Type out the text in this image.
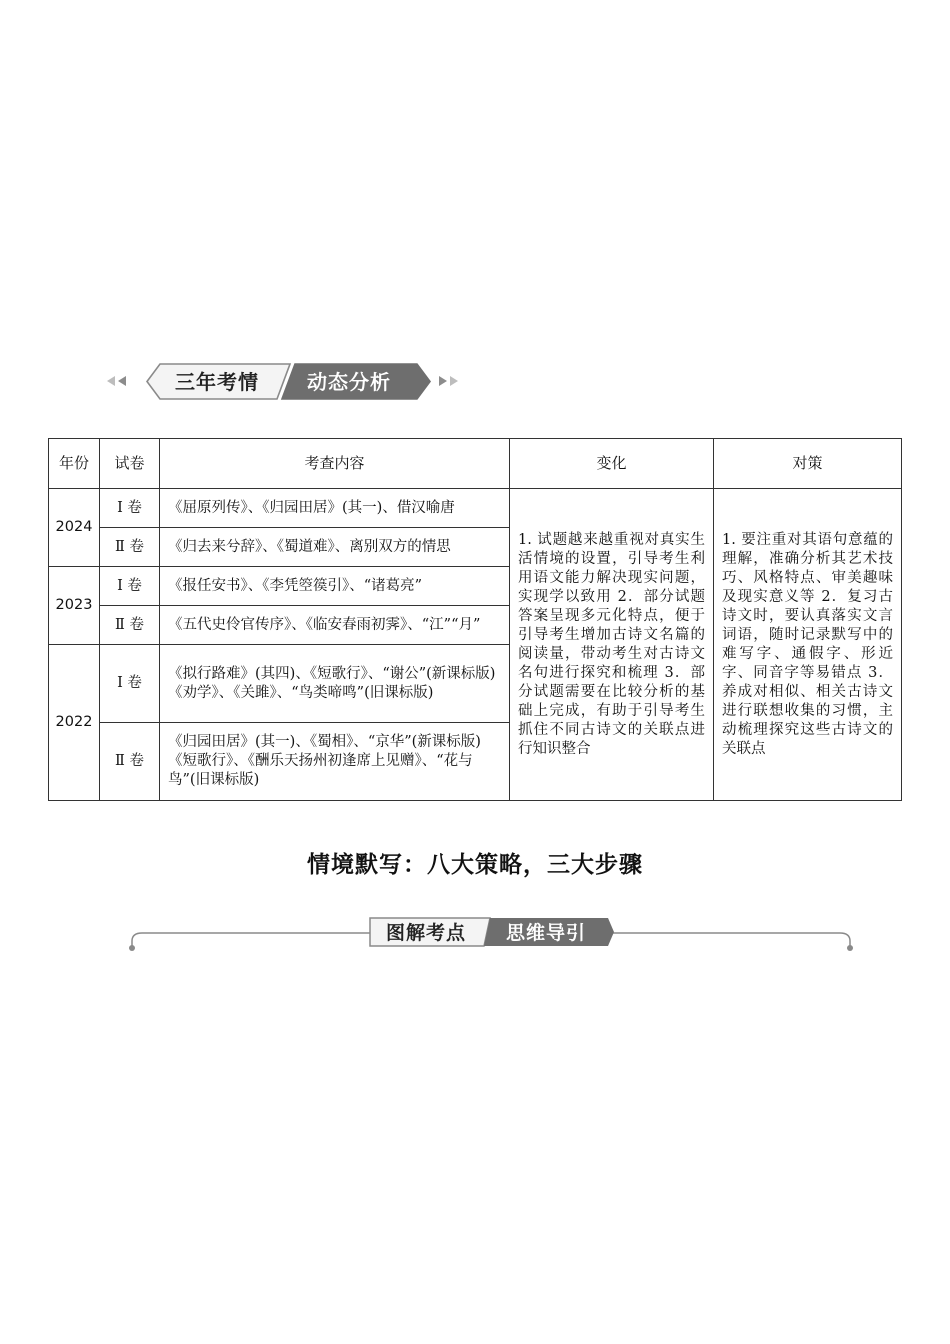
三年考情 动态分析
年份	试卷	考查内容	变化	对策
2024	Ⅰ 卷	《屈原列传》、《归园田居》(其一)、借汉喻唐	1. 试题越来越重视对真实生活情境的设置，引导考生利用语文能力解决现实问题，实现学以致用 2．部分试题答案呈现多元化特点，便于引导考生增加古诗文名篇的阅读量，带动考生对古诗文名句进行探究和梳理 3．部分试题需要在比较分析的基础上完成，有助于引导考生抓住不同古诗文的关联点进行知识整合	1. 要注重对其语句意蕴的理解，准确分析其艺术技巧、风格特点、审美趣味及现实意义等 2．复习古诗文时，要认真落实文言词语，随时记录默写中的难写字、通假字、形近字、同音字等易错点 3．养成对相似、相关古诗文进行联想收集的习惯，主动梳理探究这些古诗文的关联点
	Ⅱ 卷	《归去来兮辞》、《蜀道难》、离别双方的情思		
2023	Ⅰ 卷	《报任安书》、《李凭箜篌引》、“诸葛亮”		
	Ⅱ 卷	《五代史伶官传序》、《临安春雨初霁》、“江”“月”		
2022	Ⅰ 卷	《拟行路难》(其四)、《短歌行》、“谢公”(新课标版)《劝学》、《关雎》、“鸟类啼鸣”(旧课标版)		
	Ⅱ 卷	《归园田居》(其一)、《蜀相》、“京华”(新课标版)《短歌行》、《酬乐天扬州初逢席上见赠》、“花与鸟”(旧课标版)		
情境默写：八大策略，三大步骤
图解考点 思维导引
